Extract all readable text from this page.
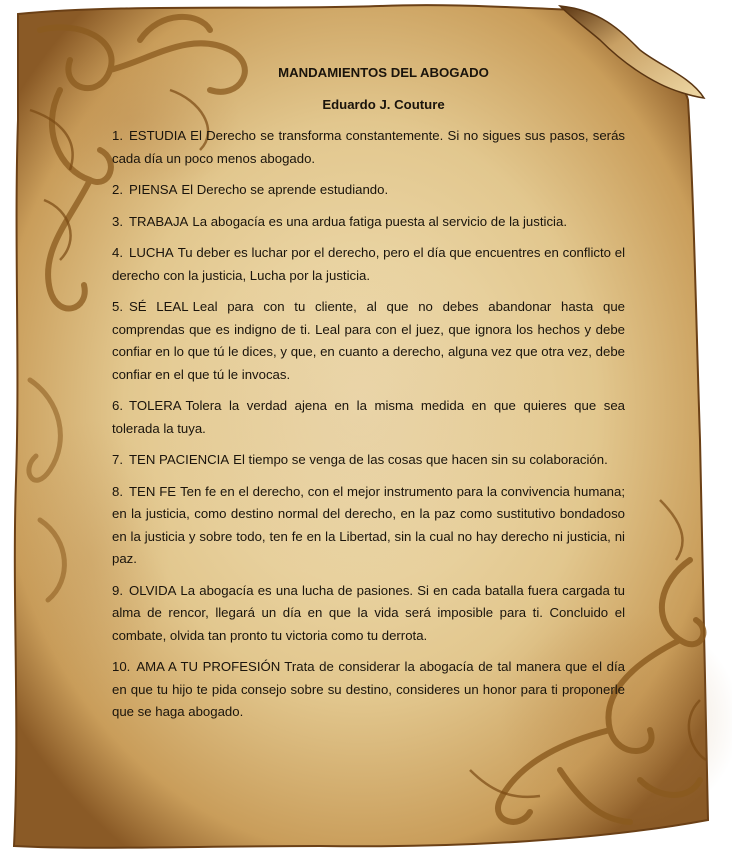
MANDAMIENTOS DEL ABOGADO
Eduardo J. Couture
1. ESTUDIA El Derecho se transforma constantemente. Si no sigues sus pasos, serás cada día un poco menos abogado.
2. PIENSA El Derecho se aprende estudiando.
3. TRABAJA La abogacía es una ardua fatiga puesta al servicio de la justicia.
4. LUCHA Tu deber es luchar por el derecho, pero el día que encuentres en conflicto el derecho con la justicia, Lucha por la justicia.
5. SÉ LEAL Leal para con tu cliente, al que no debes abandonar hasta que comprendas que es indigno de ti. Leal para con el juez, que ignora los hechos y debe confiar en lo que tú le dices, y que, en cuanto a derecho, alguna vez que otra vez, debe confiar en el que tú le invocas.
6. TOLERA Tolera la verdad ajena en la misma medida en que quieres que sea tolerada la tuya.
7. TEN PACIENCIA El tiempo se venga de las cosas que hacen sin su colaboración.
8. TEN FE Ten fe en el derecho, con el mejor instrumento para la convivencia humana; en la justicia, como destino normal del derecho, en la paz como sustitutivo bondadoso en la justicia y sobre todo, ten fe en la Libertad, sin la cual no hay derecho ni justicia, ni paz.
9. OLVIDA La abogacía es una lucha de pasiones. Si en cada batalla fuera cargada tu alma de rencor, llegará un día en que la vida será imposible para ti. Concluido el combate, olvida tan pronto tu victoria como tu derrota.
10. AMA A TU PROFESIÓN Trata de considerar la abogacía de tal manera que el día en que tu hijo te pida consejo sobre su destino, consideres un honor para ti proponerle que se haga abogado.
